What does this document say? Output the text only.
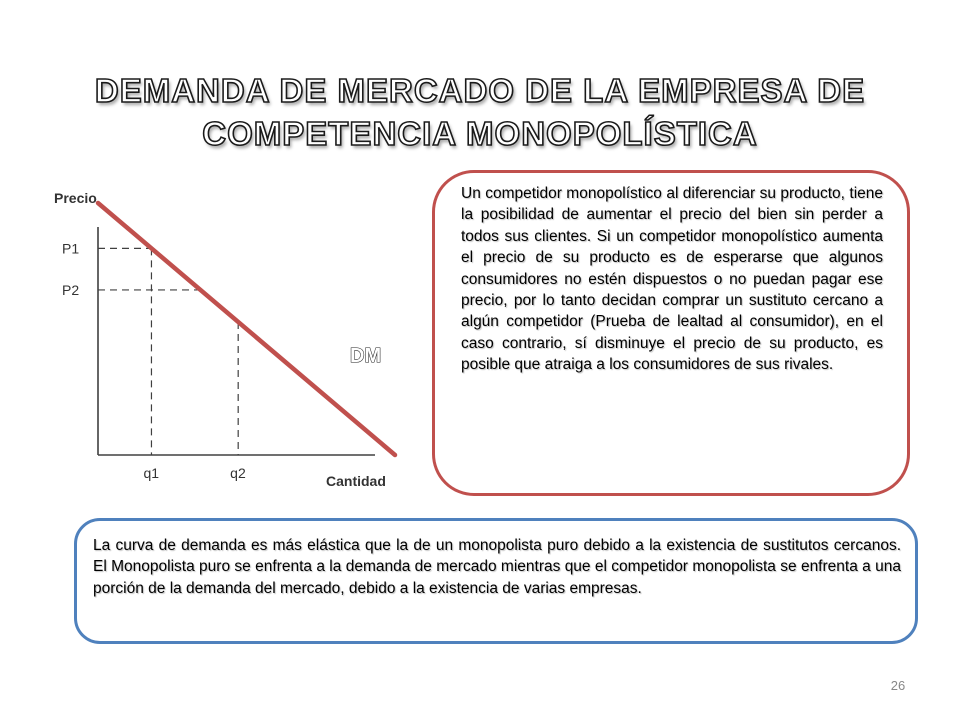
DEMANDA DE MERCADO DE LA EMPRESA DE
COMPETENCIA MONOPOLÍSTICA
Precio
Cantidad
DM
P1
P2
q1	q2
Un competidor monopolístico al diferenciar su producto, tiene la posibilidad de aumentar el precio del bien sin perder a todos sus clientes. Si un competidor monopolístico aumenta el precio de su producto es de esperarse que algunos consumidores no estén dispuestos o no puedan pagar ese precio, por lo tanto decidan comprar un sustituto cercano a algún competidor (Prueba de lealtad al consumidor), en el caso contrario, sí disminuye el precio de su producto, es posible que atraiga a los consumidores de sus rivales.
La curva de demanda es más elástica que la de un monopolista puro debido a la existencia de sustitutos cercanos. El Monopolista puro se enfrenta a la demanda de mercado mientras que el competidor monopolista se enfrenta a una porción de la demanda del mercado, debido a la existencia de varias empresas.
26
